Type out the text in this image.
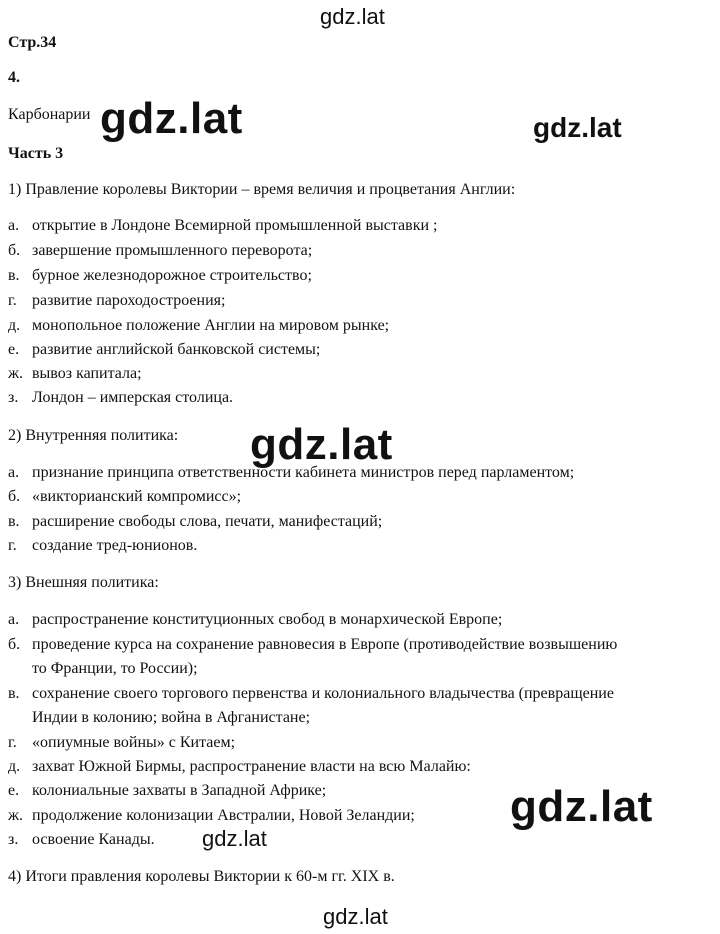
gdz.lat
gdz.lat	gdz.lat
gdz.lat
gdz.lat
gdz.lat
gdz.lat
Стр.34
4.
Карбонарии
Часть 3
1) Правление королевы Виктории – время величия и процветания Англии:
а. открытие в Лондоне Всемирной промышленной выставки ;
б. завершение промышленного переворота;
в. бурное железнодорожное строительство;
г. развитие пароходостроения;
д. монопольное положение Англии на мировом рынке;
е. развитие английской банковской системы;
ж. вывоз капитала;
з. Лондон – имперская столица.
2) Внутренняя политика:
а. признание принципа ответственности кабинета министров перед парламентом;
б. «викторианский компромисс»;
в. расширение свободы слова, печати, манифестаций;
г. создание тред-юнионов.
3) Внешняя политика:
а. распространение конституционных свобод в монархической Европе;
б. проведение курса на сохранение равновесия в Европе (противодействие возвышению
то Франции, то России);
в. сохранение своего торгового первенства и колониального владычества (превращение
Индии в колонию; война в Афганистане;
г. «опиумные войны» с Китаем;
д. захват Южной Бирмы, распространение власти на всю Малайю:
е. колониальные захваты в Западной Африке;
ж. продолжение колонизации Австралии, Новой Зеландии;
з. освоение Канады.
4) Итоги правления королевы Виктории к 60-м гг. XIX в.
